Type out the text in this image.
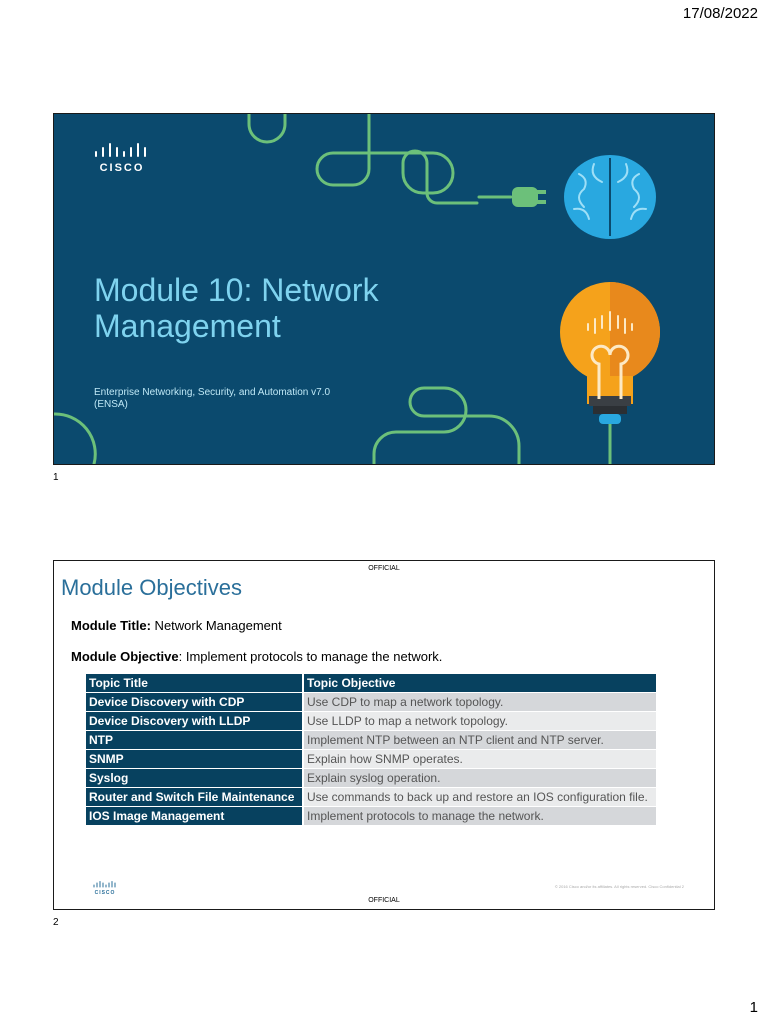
17/08/2022
CISCO
Module 10: Network
Management
Enterprise Networking, Security, and Automation v7.0
(ENSA)
1
OFFICIAL
Module Objectives
Module Title: Network Management
Module Objective: Implement protocols to manage the network.
Topic Title	Topic Objective
Device Discovery with CDP	Use CDP to map a network topology.
Device Discovery with LLDP	Use LLDP to map a network topology.
NTP	Implement NTP between an NTP client and NTP server.
SNMP	Explain how SNMP operates.
Syslog	Explain syslog operation.
Router and Switch File Maintenance	Use commands to back up and restore an IOS configuration file.
IOS Image Management	Implement protocols to manage the network.
CISCO
© 2016 Cisco and/or its affiliates. All rights reserved. Cisco Confidential 2
OFFICIAL
2
1
